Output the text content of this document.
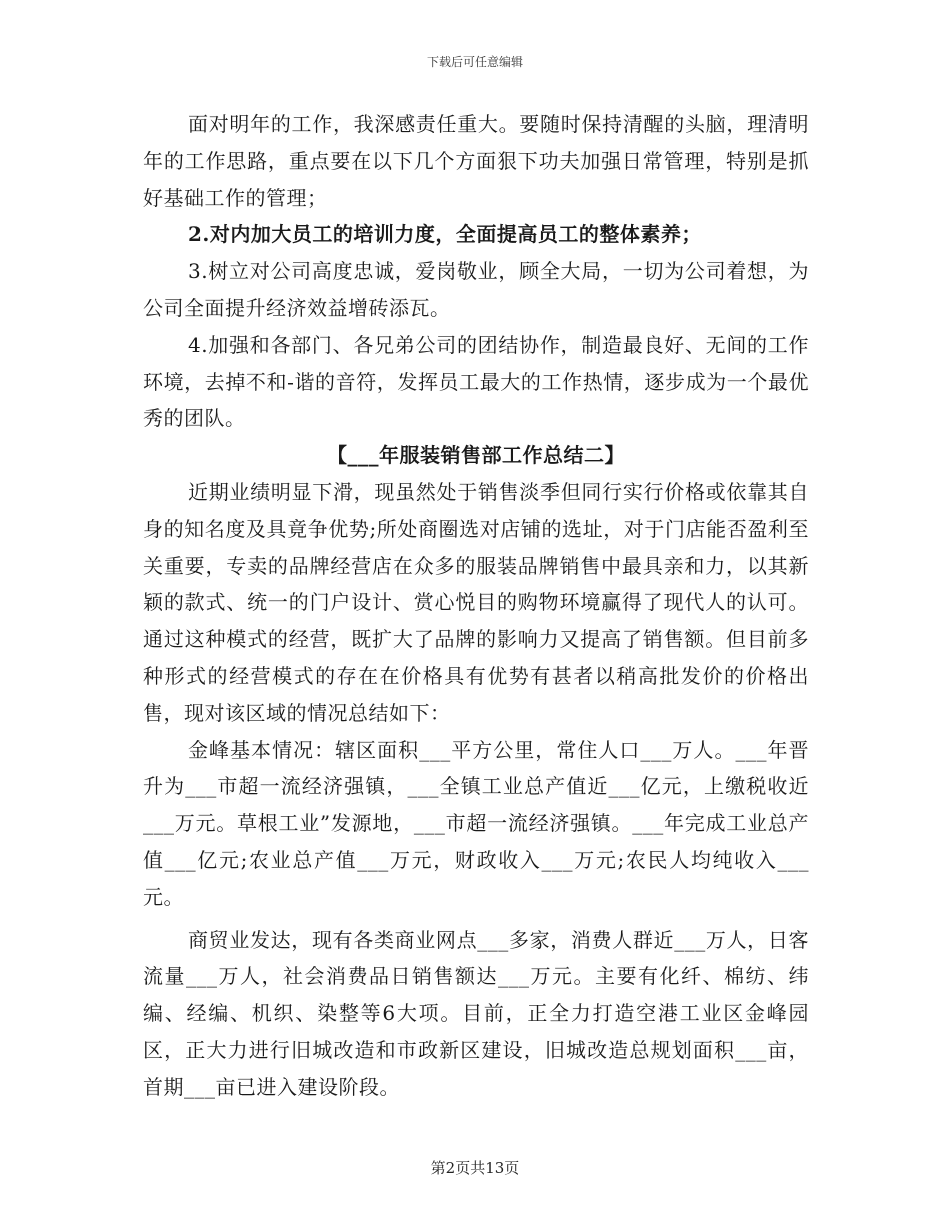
下载后可任意编辑

面对明年的工作，我深感责任重大。要随时保持清醒的头脑，理清明年的工作思路，重点要在以下几个方面狠下功夫加强日常管理，特别是抓好基础工作的管理；

2.对内加大员工的培训力度，全面提高员工的整体素养；

3.树立对公司高度忠诚，爱岗敬业，顾全大局，一切为公司着想，为公司全面提升经济效益增砖添瓦。

4.加强和各部门、各兄弟公司的团结协作，制造最良好、无间的工作环境，去掉不和-谐的音符，发挥员工最大的工作热情，逐步成为一个最优秀的团队。

【___年服装销售部工作总结二】

近期业绩明显下滑，现虽然处于销售淡季但同行实行价格或依靠其自身的知名度及具竟争优势;所处商圈选对店铺的选址，对于门店能否盈利至关重要，专卖的品牌经营店在众多的服装品牌销售中最具亲和力，以其新颖的款式、统一的门户设计、赏心悦目的购物环境赢得了现代人的认可。通过这种模式的经营，既扩大了品牌的影响力又提高了销售额。但目前多种形式的经营模式的存在在价格具有优势有甚者以稍高批发价的价格出售，现对该区域的情况总结如下：

金峰基本情况：辖区面积___平方公里，常住人口___万人。___年晋升为___市超一流经济强镇，___全镇工业总产值近___亿元，上缴税收近___万元。草根工业”发源地，___市超一流经济强镇。___年完成工业总产值___亿元;农业总产值___万元，财政收入___万元;农民人均纯收入___元。

商贸业发达，现有各类商业网点___多家，消费人群近___万人，日客流量___万人，社会消费品日销售额达___万元。主要有化纤、棉纺、纬编、经编、机织、染整等6大项。目前，正全力打造空港工业区金峰园区，正大力进行旧城改造和市政新区建设，旧城改造总规划面积___亩，首期___亩已进入建设阶段。

第2页共13页
